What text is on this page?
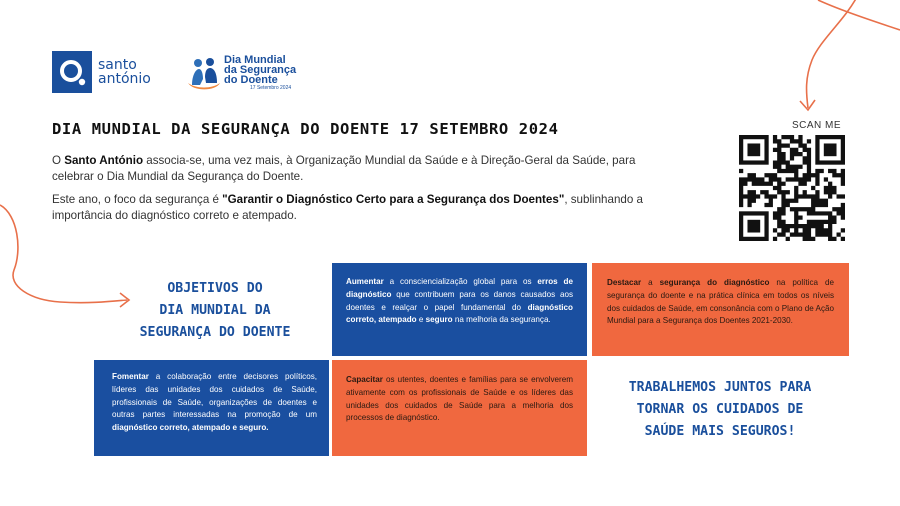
santo
antónio
Dia Mundial
da Segurança
do Doente
17 Setembro 2024
DIA MUNDIAL DA SEGURANÇA DO DOENTE 17 SETEMBRO 2024
O Santo António associa-se, uma vez mais, à Organização Mundial da Saúde e à Direção-Geral da Saúde, para celebrar o Dia Mundial da Segurança do Doente.
Este ano, o foco da segurança é "Garantir o Diagnóstico Certo para a Segurança dos Doentes", sublinhando a importância do diagnóstico correto e atempado.
SCAN ME
OBJETIVOS DO
DIA MUNDIAL DA
SEGURANÇA DO DOENTE
Aumentar a consciencialização global para os erros de diagnóstico que contribuem para os danos causados aos doentes e realçar o papel fundamental do diagnóstico correto, atempado e seguro na melhoria da segurança.
Destacar a segurança do diagnóstico na política de segurança do doente e na prática clínica em todos os níveis dos cuidados de Saúde, em consonância com o Plano de Ação Mundial para a Segurança dos Doentes 2021-2030.
Fomentar a colaboração entre decisores políticos, líderes das unidades dos cuidados de Saúde, profissionais de Saúde, organizações de doentes e outras partes interessadas na promoção de um diagnóstico correto, atempado e seguro.
Capacitar os utentes, doentes e famílias para se envolverem ativamente com os profissionais de Saúde e os líderes das unidades dos cuidados de Saúde para a melhoria dos processos de diagnóstico.
TRABALHEMOS JUNTOS PARA
TORNAR OS CUIDADOS DE
SAÚDE MAIS SEGUROS!
